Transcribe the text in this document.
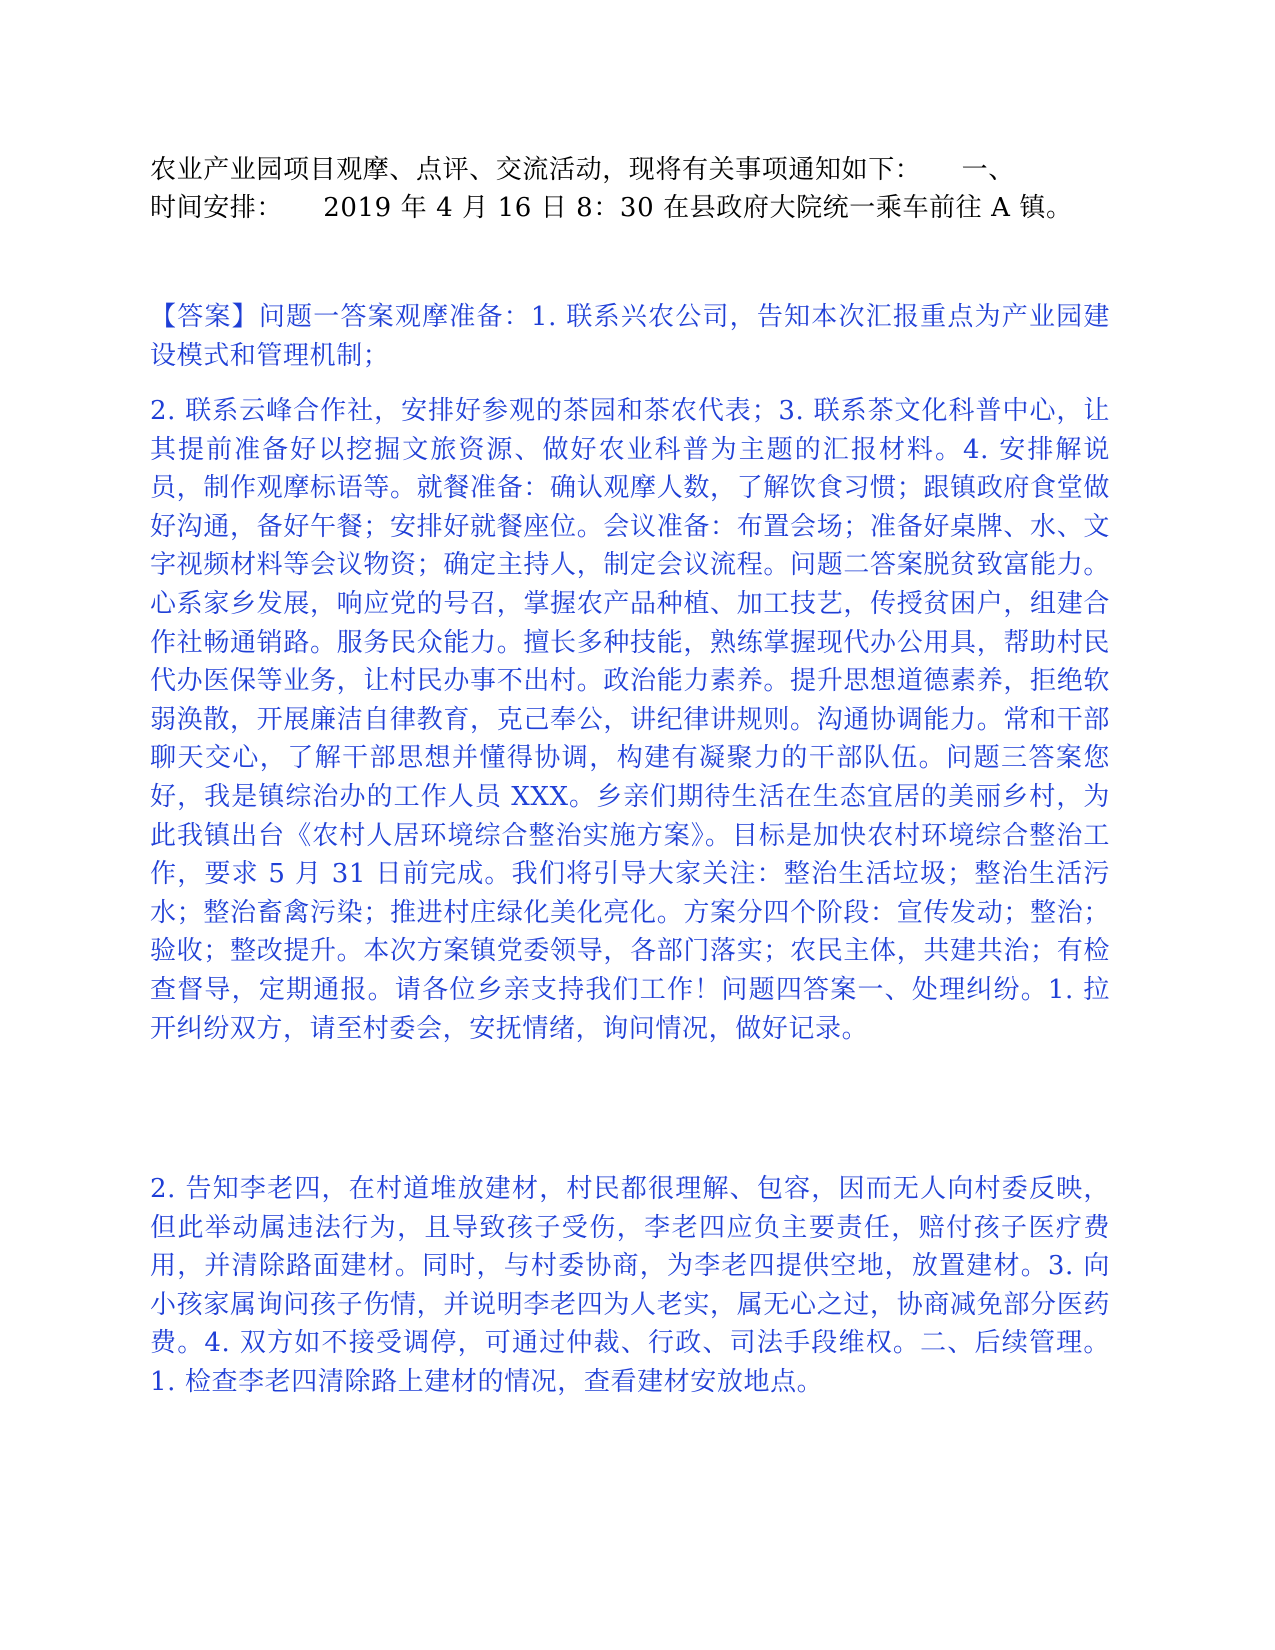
农业产业园项目观摩、点评、交流活动，现将有关事项通知如下：　　一、
时间安排：　　2019 年 4 月 16 日 8：30 在县政府大院统一乘车前往 A 镇。

【答案】问题一答案观摩准备：1. 联系兴农公司，告知本次汇报重点为产业园建设模式和管理机制；

2. 联系云峰合作社，安排好参观的茶园和茶农代表；3. 联系茶文化科普中心，让其提前准备好以挖掘文旅资源、做好农业科普为主题的汇报材料。4. 安排解说员，制作观摩标语等。就餐准备：确认观摩人数，了解饮食习惯；跟镇政府食堂做好沟通，备好午餐；安排好就餐座位。会议准备：布置会场；准备好桌牌、水、文字视频材料等会议物资；确定主持人，制定会议流程。问题二答案脱贫致富能力。心系家乡发展，响应党的号召，掌握农产品种植、加工技艺，传授贫困户，组建合作社畅通销路。服务民众能力。擅长多种技能，熟练掌握现代办公用具，帮助村民代办医保等业务，让村民办事不出村。政治能力素养。提升思想道德素养，拒绝软弱涣散，开展廉洁自律教育，克己奉公，讲纪律讲规则。沟通协调能力。常和干部聊天交心，了解干部思想并懂得协调，构建有凝聚力的干部队伍。问题三答案您好，我是镇综治办的工作人员 XXX。乡亲们期待生活在生态宜居的美丽乡村，为此我镇出台《农村人居环境综合整治实施方案》。目标是加快农村环境综合整治工作，要求 5 月 31 日前完成。我们将引导大家关注：整治生活垃圾；整治生活污水；整治畜禽污染；推进村庄绿化美化亮化。方案分四个阶段：宣传发动；整治；验收；整改提升。本次方案镇党委领导，各部门落实；农民主体，共建共治；有检查督导，定期通报。请各位乡亲支持我们工作！问题四答案一、处理纠纷。1. 拉开纠纷双方，请至村委会，安抚情绪，询问情况，做好记录。

2. 告知李老四，在村道堆放建材，村民都很理解、包容，因而无人向村委反映，但此举动属违法行为，且导致孩子受伤，李老四应负主要责任，赔付孩子医疗费用，并清除路面建材。同时，与村委协商，为李老四提供空地，放置建材。3. 向小孩家属询问孩子伤情，并说明李老四为人老实，属无心之过，协商减免部分医药费。4. 双方如不接受调停，可通过仲裁、行政、司法手段维权。二、后续管理。1. 检查李老四清除路上建材的情况，查看建材安放地点。
